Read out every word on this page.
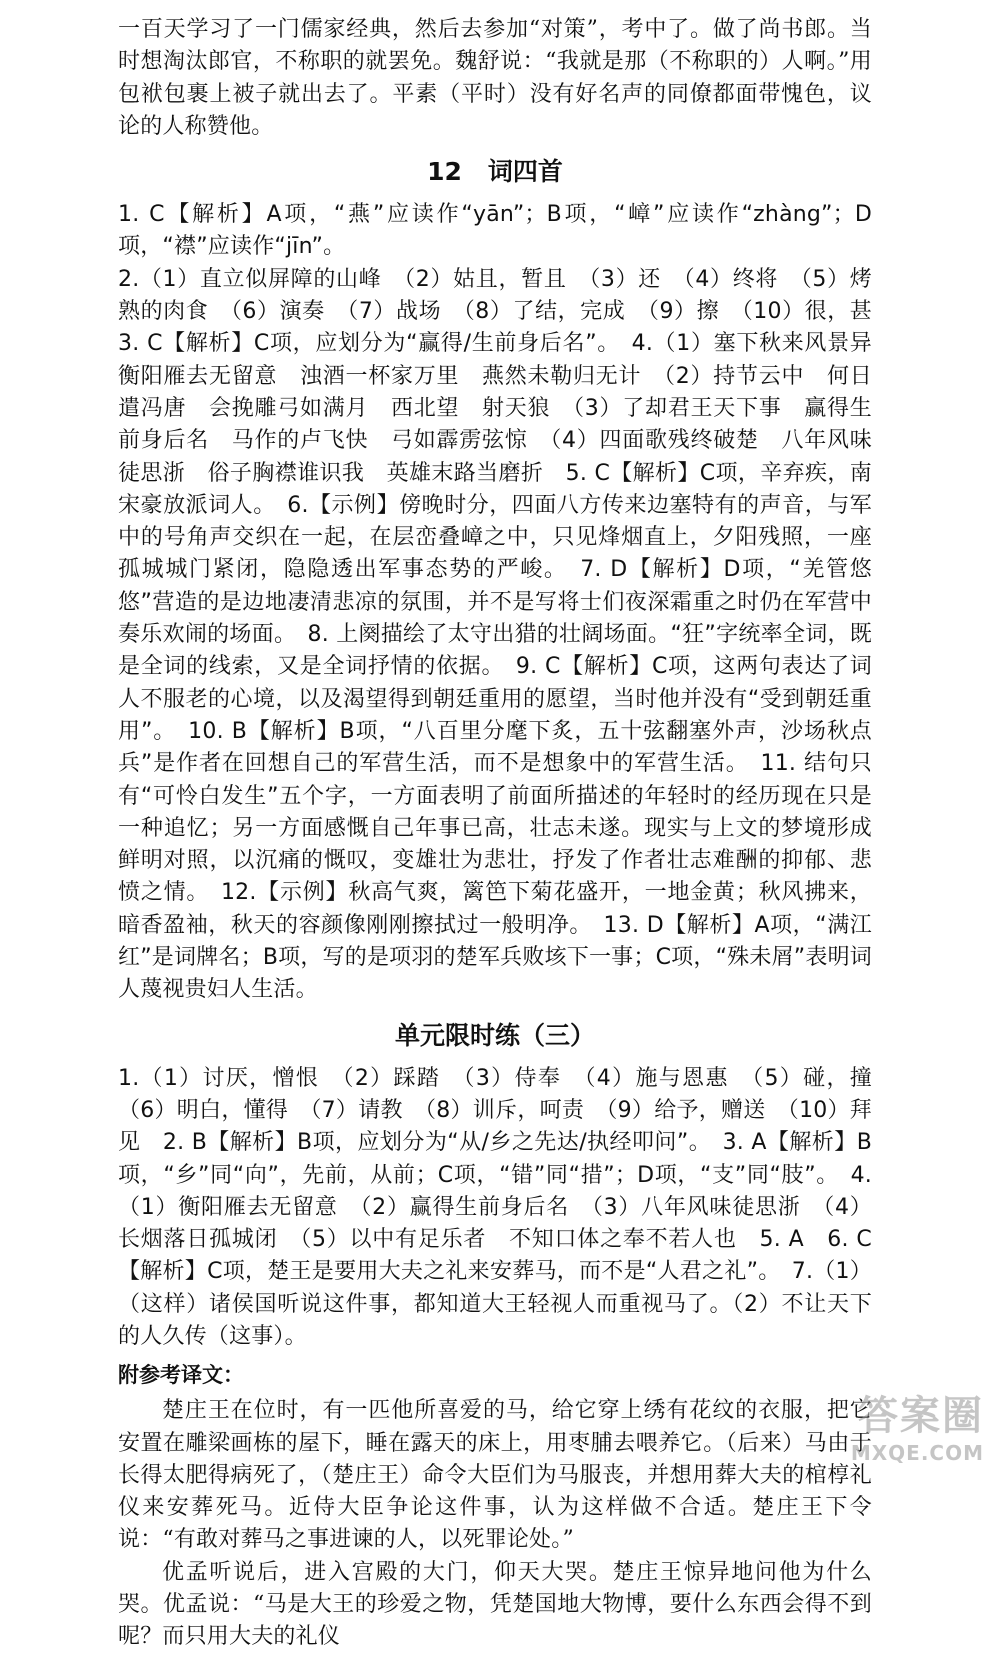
一百天学习了一门儒家经典，然后去参加“对策”，考中了。做了尚书郎。当时想淘汰郎官，不称职的就罢免。魏舒说：“我就是那（不称职的）人啊。”用包袱包裹上被子就出去了。平素（平时）没有好名声的同僚都面带愧色，议论的人称赞他。

12 词四首

1. C【解析】A项，“燕”应读作“yān”；B项，“嶂”应读作“zhàng”；D项，“襟”应读作“jīn”。
2.（1）直立似屏障的山峰　（2）姑且，暂且　（3）还　（4）终将　（5）烤熟的肉食　（6）演奏　（7）战场　（8）了结，完成　（9）擦　（10）很，甚　3. C【解析】C项，应划分为“赢得/生前身后名”。　4.（1）塞下秋来风景异　衡阳雁去无留意　浊酒一杯家万里　燕然未勒归无计　（2）持节云中　何日遣冯唐　会挽雕弓如满月　西北望　射天狼　（3）了却君王天下事　赢得生前身后名　马作的卢飞快　弓如霹雳弦惊　（4）四面歌残终破楚　八年风味徒思浙　俗子胸襟谁识我　英雄末路当磨折　5. C【解析】C项，辛弃疾，南宋豪放派词人。　6.【示例】傍晚时分，四面八方传来边塞特有的声音，与军中的号角声交织在一起，在层峦叠嶂之中，只见烽烟直上，夕阳残照，一座孤城城门紧闭，隐隐透出军事态势的严峻。　7. D【解析】D项，“羌管悠悠”营造的是边地凄清悲凉的氛围，并不是写将士们夜深霜重之时仍在军营中奏乐欢闹的场面。　8. 上阕描绘了太守出猎的壮阔场面。“狂”字统率全词，既是全词的线索，又是全词抒情的依据。　9. C【解析】C项，这两句表达了词人不服老的心境，以及渴望得到朝廷重用的愿望，当时他并没有“受到朝廷重用”。　10. B【解析】B项，“八百里分麾下炙，五十弦翻塞外声，沙场秋点兵”是作者在回想自己的军营生活，而不是想象中的军营生活。　11. 结句只有“可怜白发生”五个字，一方面表明了前面所描述的年轻时的经历现在只是一种追忆；另一方面感慨自己年事已高，壮志未遂。现实与上文的梦境形成鲜明对照，以沉痛的慨叹，变雄壮为悲壮，抒发了作者壮志难酬的抑郁、悲愤之情。　12.【示例】秋高气爽，篱笆下菊花盛开，一地金黄；秋风拂来，暗香盈袖，秋天的容颜像刚刚擦拭过一般明净。　13. D【解析】A项，“满江红”是词牌名；B项，写的是项羽的楚军兵败垓下一事；C项，“殊未屑”表明词人蔑视贵妇人生活。

单元限时练（三）

1.（1）讨厌，憎恨　（2）踩踏　（3）侍奉　（4）施与恩惠　（5）碰，撞　（6）明白，懂得　（7）请教　（8）训斥，呵责　（9）给予，赠送　（10）拜见　2. B【解析】B项，应划分为“从/乡之先达/执经叩问”。　3. A【解析】B项，“乡”同“向”，先前，从前；C项，“错”同“措”；D项，“支”同“肢”。　4.（1）衡阳雁去无留意　（2）赢得生前身后名　（3）八年风味徒思浙　（4）长烟落日孤城闭　（5）以中有足乐者　不知口体之奉不若人也　5. A　6. C【解析】C项，楚王是要用大夫之礼来安葬马，而不是“人君之礼”。　7.（1）（这样）诸侯国听说这件事，都知道大王轻视人而重视马了。（2）不让天下的人久传（这事）。

附参考译文：

楚庄王在位时，有一匹他所喜爱的马，给它穿上绣有花纹的衣服，把它安置在雕梁画栋的屋下，睡在露天的床上，用枣脯去喂养它。（后来）马由于长得太肥得病死了，（楚庄王）命令大臣们为马服丧，并想用葬大夫的棺椁礼仪来安葬死马。近侍大臣争论这件事，认为这样做不合适。楚庄王下令说：“有敢对葬马之事进谏的人，以死罪论处。”

优孟听说后，进入宫殿的大门，仰天大哭。楚庄王惊异地问他为什么哭。优孟说：“马是大王的珍爱之物，凭楚国地大物博，要什么东西会得不到呢？而只用大夫的礼仪

答案圈
MXQE.COM
